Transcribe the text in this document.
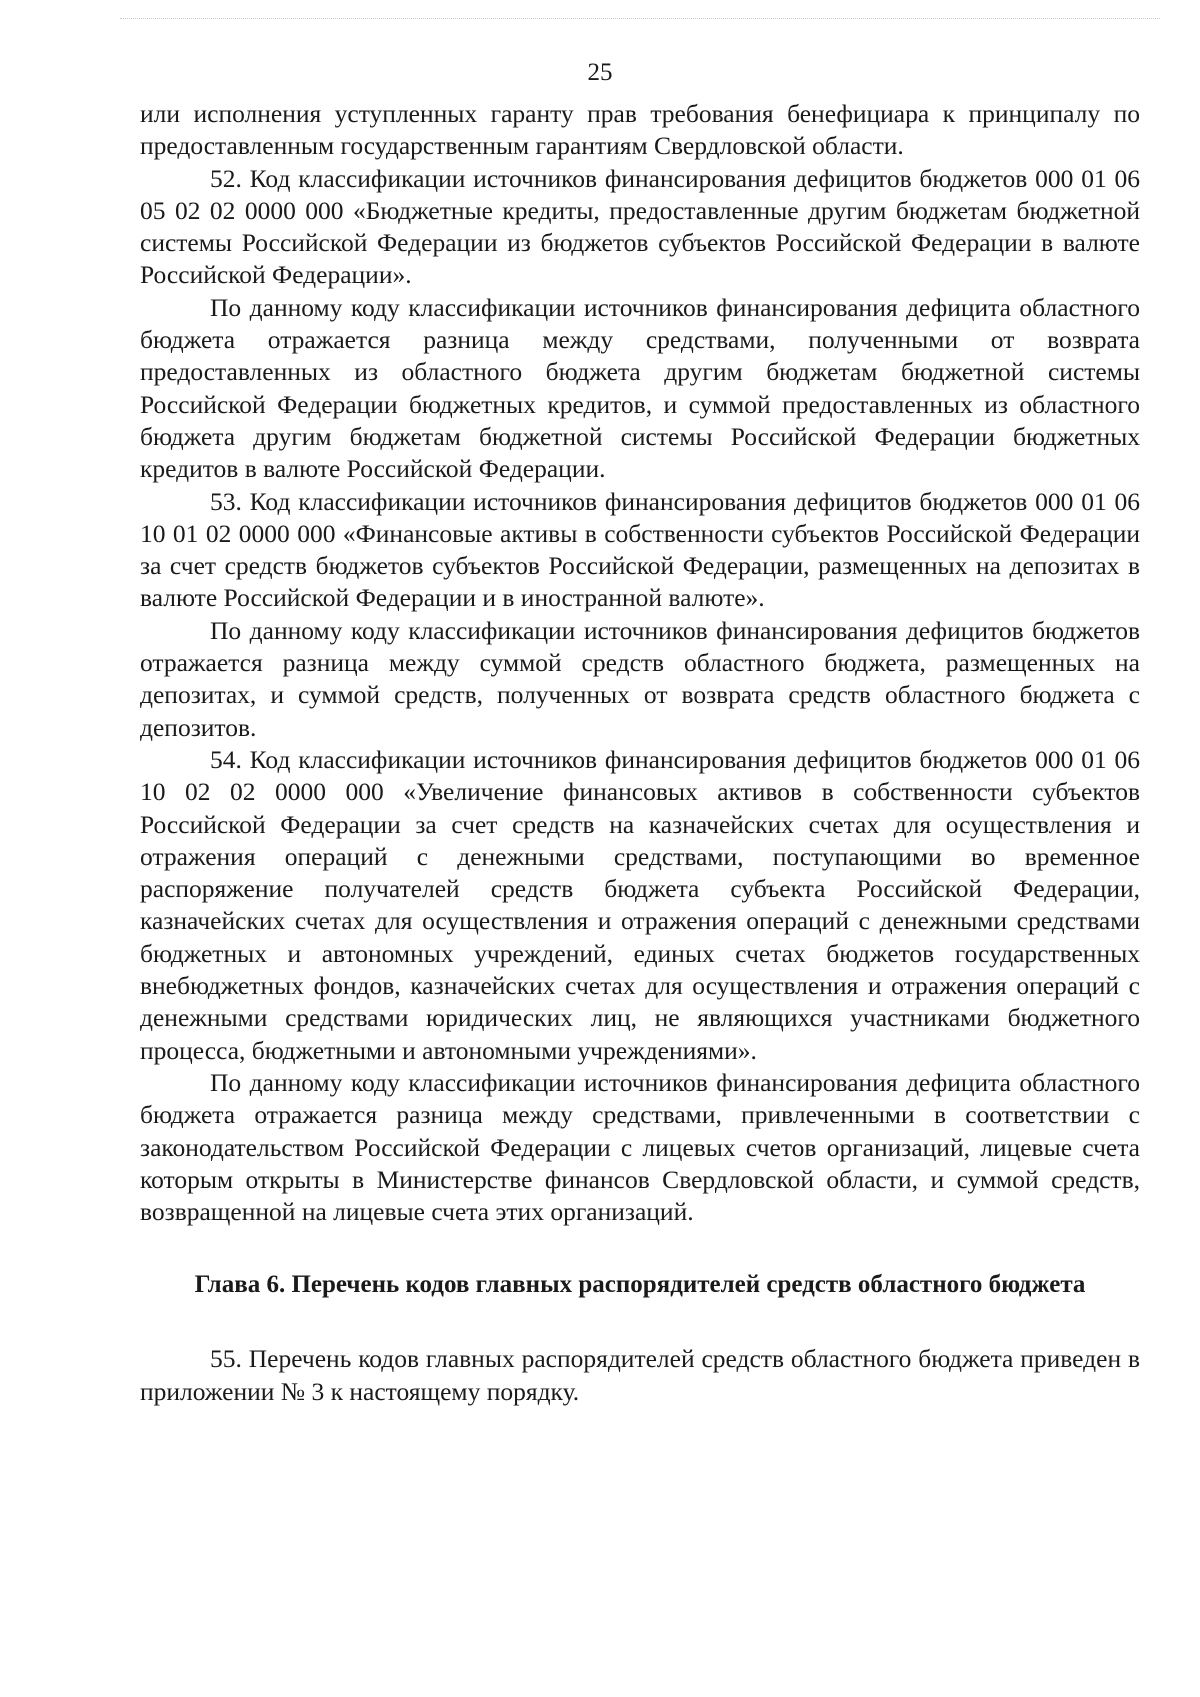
25

или исполнения уступленных гаранту прав требования бенефициара к принципалу по предоставленным государственным гарантиям Свердловской области.

52. Код классификации источников финансирования дефицитов бюджетов 000 01 06 05 02 02 0000 000 «Бюджетные кредиты, предоставленные другим бюджетам бюджетной системы Российской Федерации из бюджетов субъектов Российской Федерации в валюте Российской Федерации».

По данному коду классификации источников финансирования дефицита областного бюджета отражается разница между средствами, полученными от возврата предоставленных из областного бюджета другим бюджетам бюджетной системы Российской Федерации бюджетных кредитов, и суммой предоставленных из областного бюджета другим бюджетам бюджетной системы Российской Федерации бюджетных кредитов в валюте Российской Федерации.

53. Код классификации источников финансирования дефицитов бюджетов 000 01 06 10 01 02 0000 000 «Финансовые активы в собственности субъектов Российской Федерации за счет средств бюджетов субъектов Российской Федерации, размещенных на депозитах в валюте Российской Федерации и в иностранной валюте».

По данному коду классификации источников финансирования дефицитов бюджетов отражается разница между суммой средств областного бюджета, размещенных на депозитах, и суммой средств, полученных от возврата средств областного бюджета с депозитов.

54. Код классификации источников финансирования дефицитов бюджетов 000 01 06 10 02 02 0000 000 «Увеличение финансовых активов в собственности субъектов Российской Федерации за счет средств на казначейских счетах для осуществления и отражения операций с денежными средствами, поступающими во временное распоряжение получателей средств бюджета субъекта Российской Федерации, казначейских счетах для осуществления и отражения операций с денежными средствами бюджетных и автономных учреждений, единых счетах бюджетов государственных внебюджетных фондов, казначейских счетах для осуществления и отражения операций с денежными средствами юридических лиц, не являющихся участниками бюджетного процесса, бюджетными и автономными учреждениями».

По данному коду классификации источников финансирования дефицита областного бюджета отражается разница между средствами, привлеченными в соответствии с законодательством Российской Федерации с лицевых счетов организаций, лицевые счета которым открыты в Министерстве финансов Свердловской области, и суммой средств, возвращенной на лицевые счета этих организаций.

Глава 6. Перечень кодов главных распорядителей средств областного бюджета

55. Перечень кодов главных распорядителей средств областного бюджета приведен в приложении № 3 к настоящему порядку.
